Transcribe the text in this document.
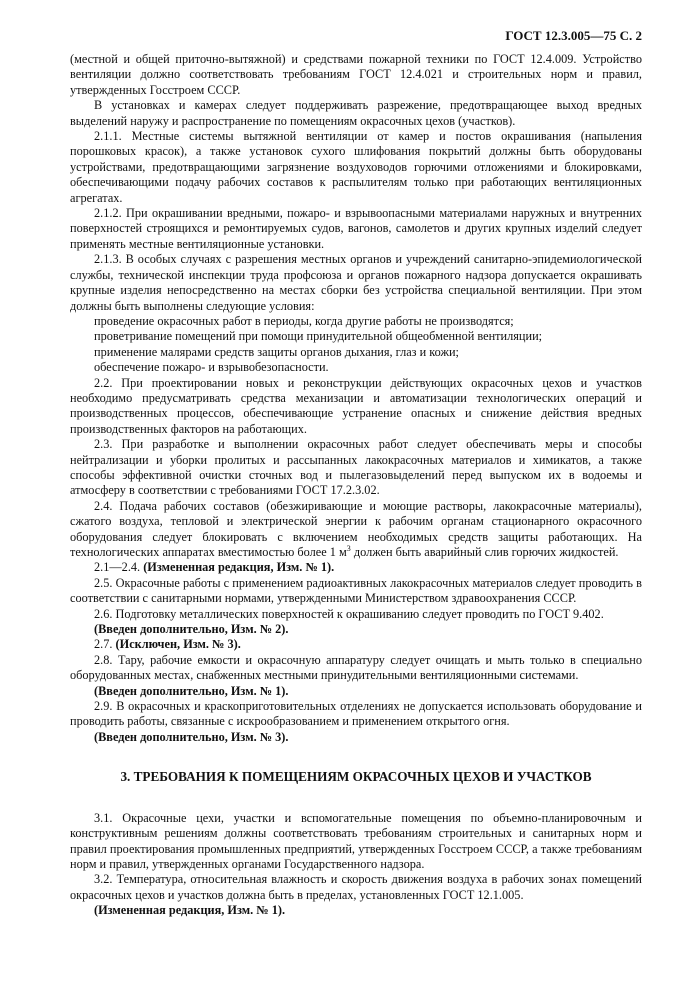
ГОСТ 12.3.005—75 С. 2

(местной и общей приточно-вытяжной) и средствами пожарной техники по ГОСТ 12.4.009. Устройство вентиляции должно соответствовать требованиям ГОСТ 12.4.021 и строительных норм и правил, утвержденных Госстроем СССР.

В установках и камерах следует поддерживать разрежение, предотвращающее выход вредных выделений наружу и распространение по помещениям окрасочных цехов (участков).

2.1.1. Местные системы вытяжной вентиляции от камер и постов окрашивания (напыления порошковых красок), а также установок сухого шлифования покрытий должны быть оборудованы устройствами, предотвращающими загрязнение воздуховодов горючими отложениями и блокировками, обеспечивающими подачу рабочих составов к распылителям только при работающих вентиляционных агрегатах.

2.1.2. При окрашивании вредными, пожаро- и взрывоопасными материалами наружных и внутренних поверхностей строящихся и ремонтируемых судов, вагонов, самолетов и других крупных изделий следует применять местные вентиляционные установки.

2.1.3. В особых случаях с разрешения местных органов и учреждений санитарно-эпидемиологической службы, технической инспекции труда профсоюза и органов пожарного надзора допускается окрашивать крупные изделия непосредственно на местах сборки без устройства специальной вентиляции. При этом должны быть выполнены следующие условия:

проведение окрасочных работ в периоды, когда другие работы не производятся;

проветривание помещений при помощи принудительной общеобменной вентиляции;

применение малярами средств защиты органов дыхания, глаз и кожи;

обеспечение пожаро- и взрывобезопасности.

2.2. При проектировании новых и реконструкции действующих окрасочных цехов и участков необходимо предусматривать средства механизации и автоматизации технологических операций и производственных процессов, обеспечивающие устранение опасных и снижение действия вредных производственных факторов на работающих.

2.3. При разработке и выполнении окрасочных работ следует обеспечивать меры и способы нейтрализации и уборки пролитых и рассыпанных лакокрасочных материалов и химикатов, а также способы эффективной очистки сточных вод и пылегазовыделений перед выпуском их в водоемы и атмосферу в соответствии с требованиями ГОСТ 17.2.3.02.

2.4. Подача рабочих составов (обезжиривающие и моющие растворы, лакокрасочные материалы), сжатого воздуха, тепловой и электрической энергии к рабочим органам стационарного окрасочного оборудования следует блокировать с включением необходимых средств защиты работающих. На технологических аппаратах вместимостью более 1 $м^3$ должен быть аварийный слив горючих жидкостей.

2.1—2.4. (Измененная редакция, Изм. № 1).

2.5. Окрасочные работы с применением радиоактивных лакокрасочных материалов следует проводить в соответствии с санитарными нормами, утвержденными Министерством здравоохранения СССР.

2.6. Подготовку металлических поверхностей к окрашиванию следует проводить по ГОСТ 9.402.

(Введен дополнительно, Изм. № 2).

2.7. (Исключен, Изм. № 3).

2.8. Тару, рабочие емкости и окрасочную аппаратуру следует очищать и мыть только в специально оборудованных местах, снабженных местными принудительными вентиляционными системами.

(Введен дополнительно, Изм. № 1).

2.9. В окрасочных и краскоприготовительных отделениях не допускается использовать оборудование и проводить работы, связанные с искрообразованием и применением открытого огня.

(Введен дополнительно, Изм. № 3).

3. ТРЕБОВАНИЯ К ПОМЕЩЕНИЯМ ОКРАСОЧНЫХ ЦЕХОВ И УЧАСТКОВ

3.1. Окрасочные цехи, участки и вспомогательные помещения по объемно-планировочным и конструктивным решениям должны соответствовать требованиям строительных и санитарных норм и правил проектирования промышленных предприятий, утвержденных Госстроем СССР, а также требованиям норм и правил, утвержденных органами Государственного надзора.

3.2. Температура, относительная влажность и скорость движения воздуха в рабочих зонах помещений окрасочных цехов и участков должна быть в пределах, установленных ГОСТ 12.1.005.

(Измененная редакция, Изм. № 1).
